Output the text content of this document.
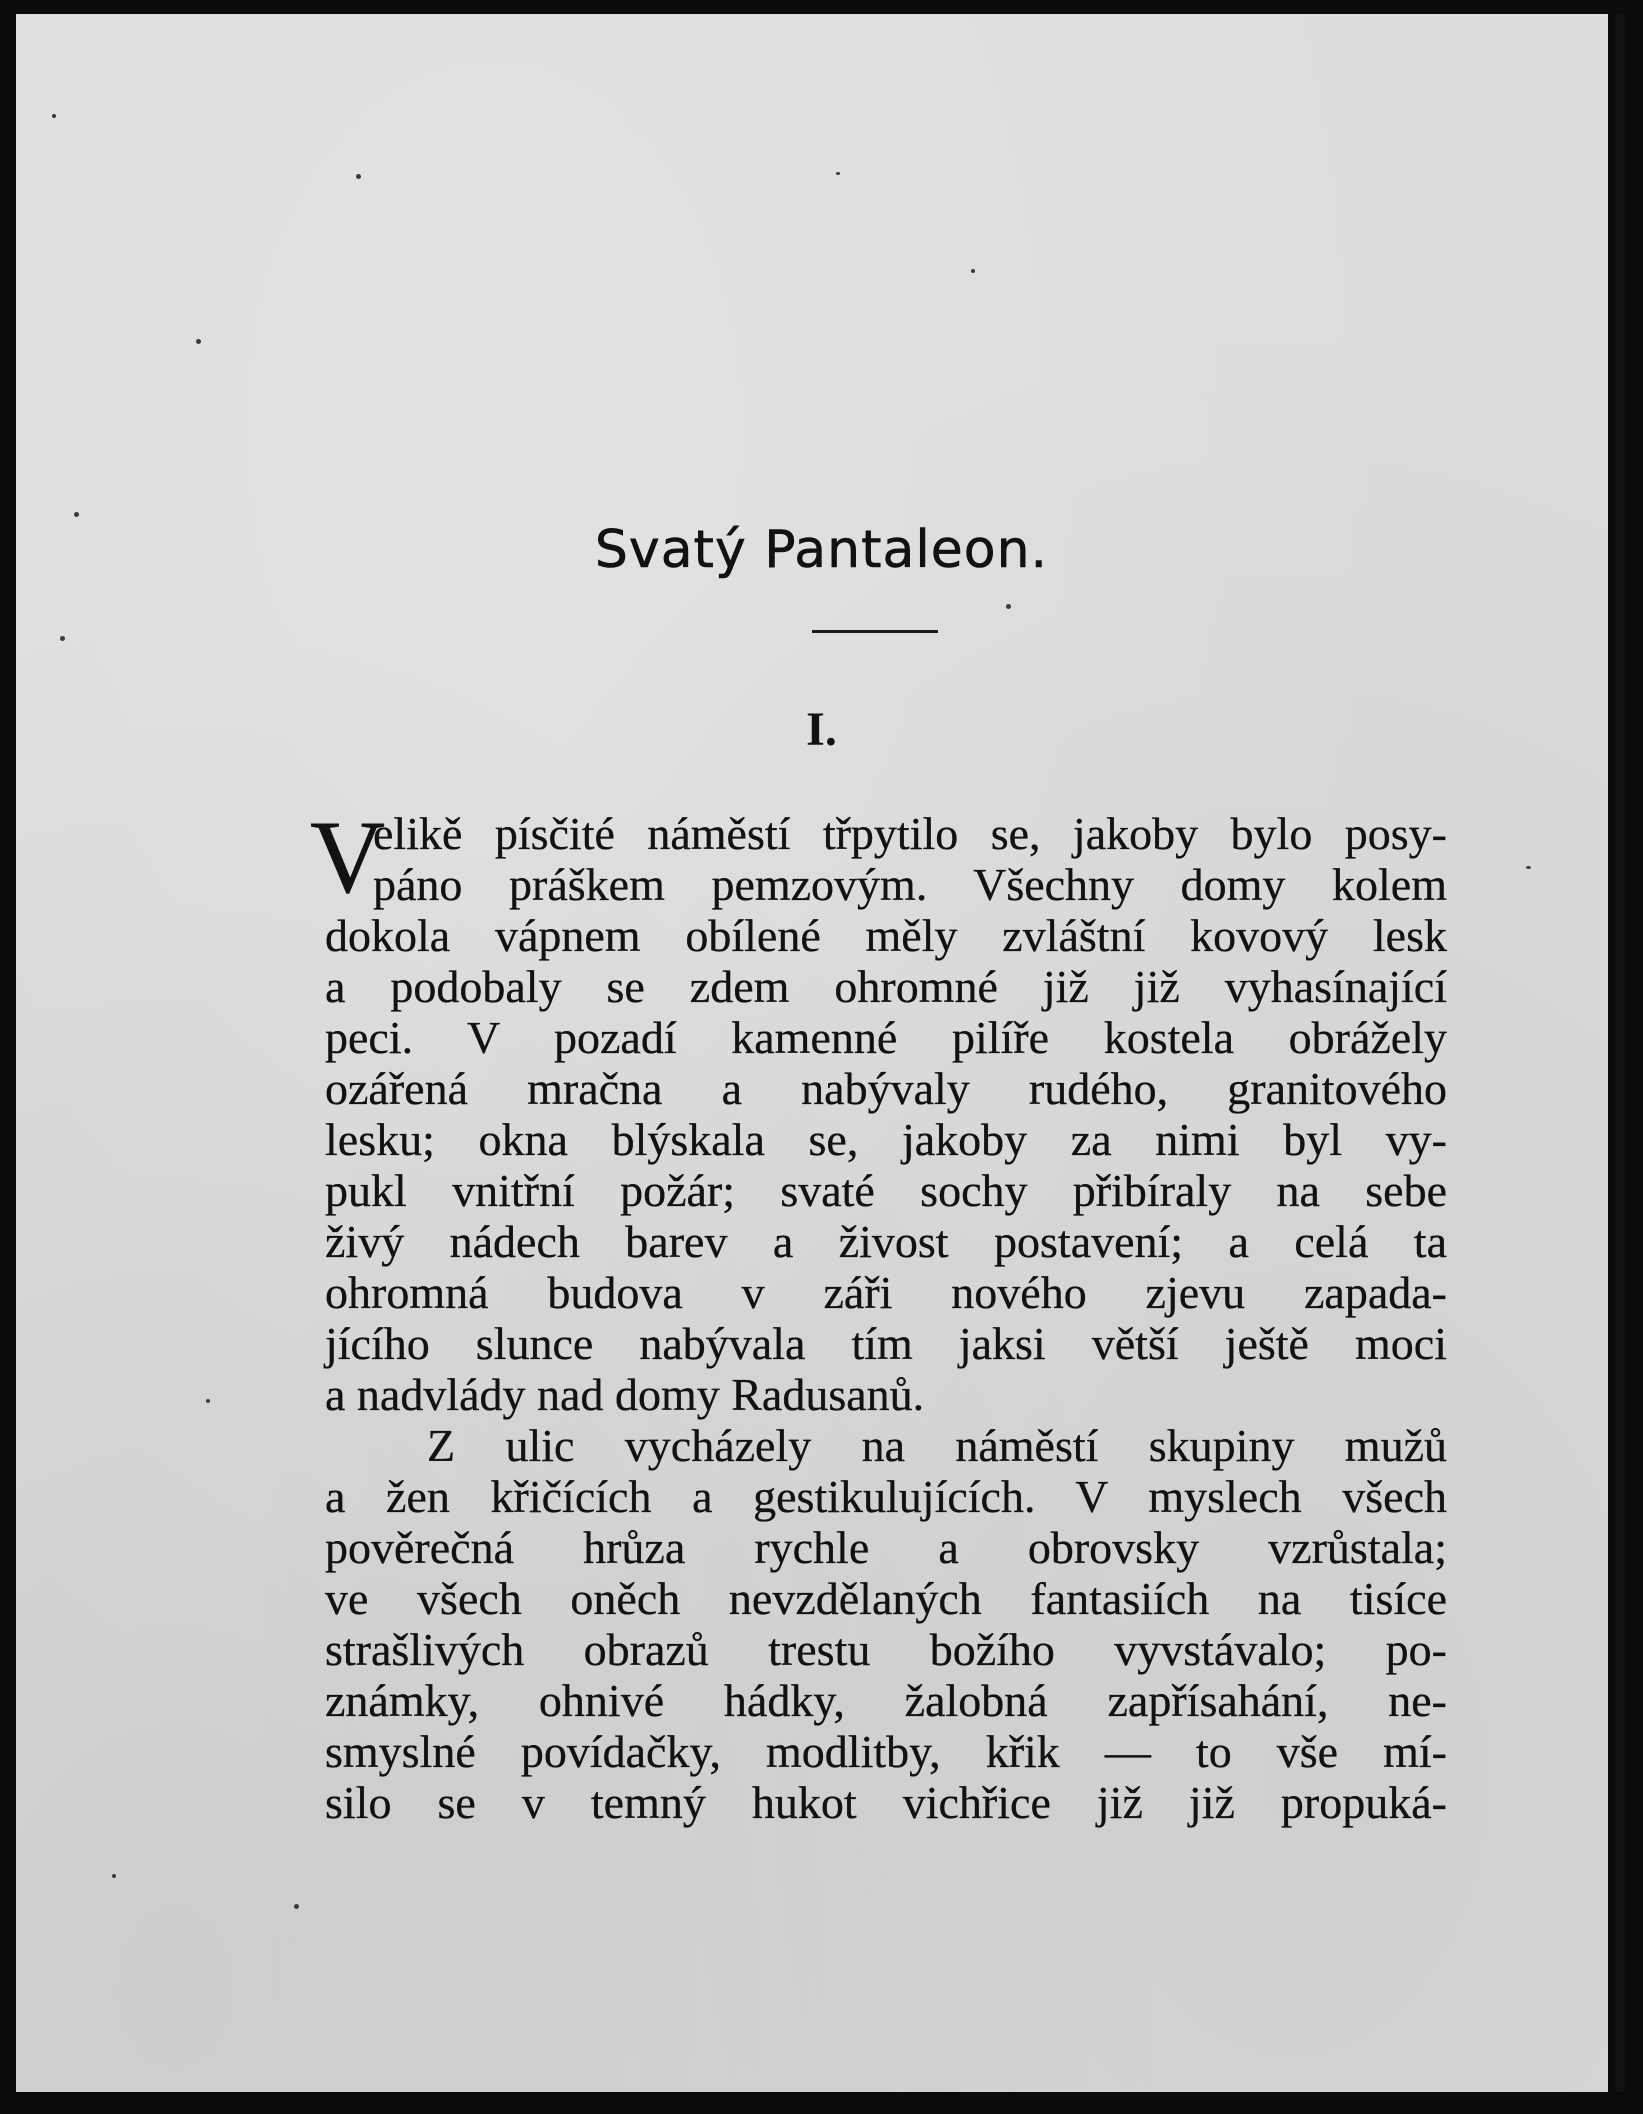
Svatý Pantaleon.
I.
V
elikě písčité náměstí třpytilo se, jakoby bylo posy-
páno práškem pemzovým. Všechny domy kolem
dokola vápnem obílené měly zvláštní kovový lesk
a podobaly se zdem ohromné již již vyhasínající
peci. V pozadí kamenné pilíře kostela obrážely
ozářená mračna a nabývaly rudého, granitového
lesku; okna blýskala se, jakoby za nimi byl vy-
pukl vnitřní požár; svaté sochy přibíraly na sebe
živý nádech barev a živost postavení; a celá ta
ohromná budova v záři nového zjevu zapada-
jícího slunce nabývala tím jaksi větší ještě moci
a nadvlády nad domy Radusanů.
Z ulic vycházely na náměstí skupiny mužů
a žen křičících a gestikulujících. V myslech všech
pověrečná hrůza rychle a obrovsky vzrůstala;
ve všech oněch nevzdělaných fantasiích na tisíce
strašlivých obrazů trestu božího vyvstávalo; po-
známky, ohnivé hádky, žalobná zapřísahání, ne-
smyslné povídačky, modlitby, křik — to vše mí-
silo se v temný hukot vichřice již již propuká-
